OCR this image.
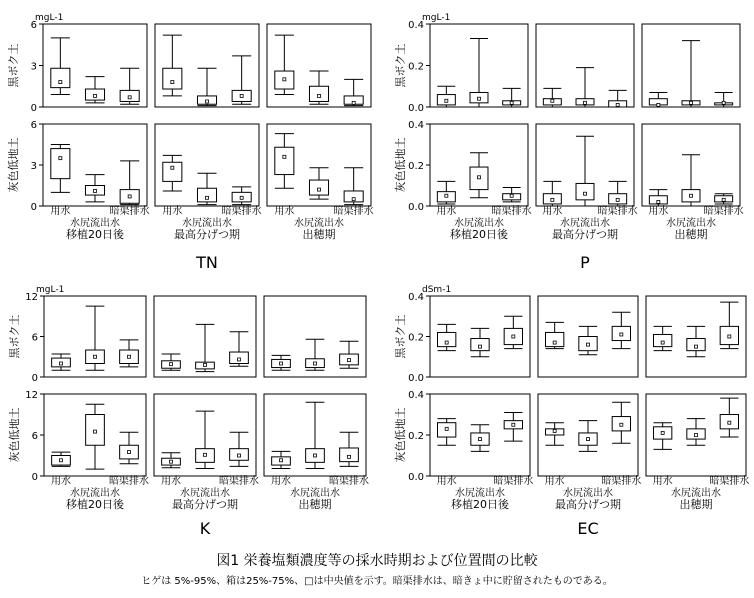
mgL-1
黒ボク土
0
3
6
灰色低地土
0
3
6
用水
水尻流出水
暗渠排水
移植20日後
用水
水尻流出水
暗渠排水
最高分げつ期
用水
水尻流出水
暗渠排水
出穂期
TN
mgL-1
黒ボク土
0.0
0.2
0.4
灰色低地土
0.0
0.2
0.4
用水
水尻流出水
暗渠排水
移植20日後
用水
水尻流出水
暗渠排水
最高分げつ期
用水
水尻流出水
暗渠排水
出穂期
P
mgL-1
黒ボク土
0
6
12
灰色低地土
0
6
12
用水
水尻流出水
暗渠排水
移植20日後
用水
水尻流出水
暗渠排水
最高分げつ期
用水
水尻流出水
暗渠排水
出穂期
K
dSm-1
黒ボク土
0.0
0.2
0.4
灰色低地土
0.0
0.2
0.4
用水
水尻流出水
暗渠排水
移植20日後
用水
水尻流出水
暗渠排水
最高分げつ期
用水
水尻流出水
暗渠排水
出穂期
EC
図1 栄養塩類濃度等の採水時期および位置間の比較
ヒゲは 5%-95%、箱は25%-75%、□は中央値を示す。暗渠排水は、暗きょ中に貯留されたものである。
